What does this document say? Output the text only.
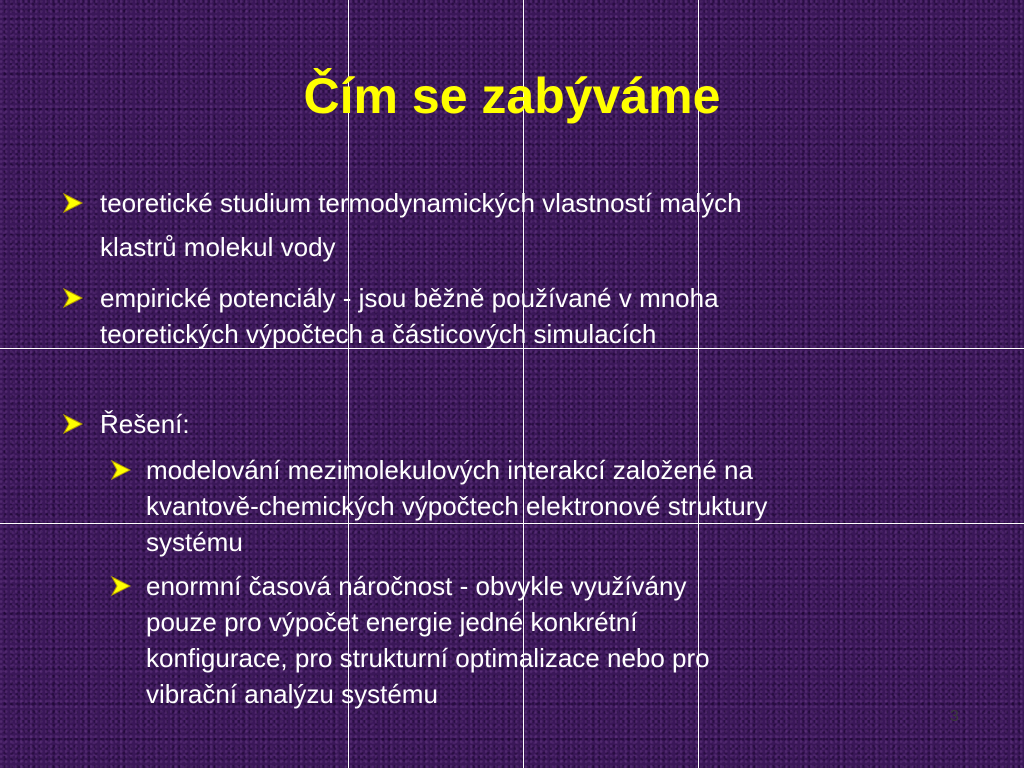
Čím se zabýváme
teoretické studium termodynamických vlastností malých
klastrů molekul vody
empirické potenciály - jsou běžně používané v mnoha
teoretických výpočtech a částicových simulacích
Řešení:
modelování mezimolekulových interakcí založené na
kvantově-chemických výpočtech elektronové struktury
systému
enormní časová náročnost - obvykle využívány
pouze pro výpočet energie jedné konkrétní
konfigurace, pro strukturní optimalizace nebo pro
vibrační analýzu systému
3
